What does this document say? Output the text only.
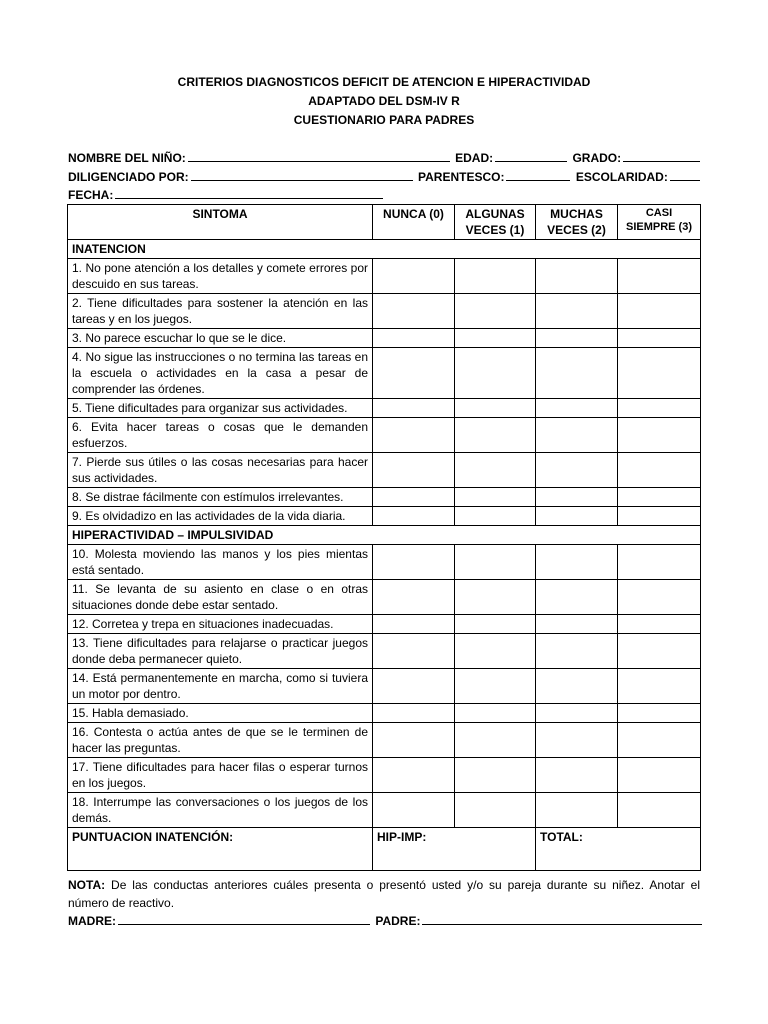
CRITERIOS DIAGNOSTICOS DEFICIT DE ATENCION E HIPERACTIVIDAD
ADAPTADO DEL DSM-IV R
CUESTIONARIO PARA PADRES
NOMBRE DEL NIÑO:	EDAD:	GRADO:
DILIGENCIADO POR:	PARENTESCO:	ESCOLARIDAD:
FECHA:
SINTOMA	NUNCA (0)	ALGUNAS VECES (1)	MUCHAS VECES (2)	CASI SIEMPRE (3)
INATENCION				
1. No pone atención a los detalles y comete errores por descuido en sus tareas.				
2. Tiene dificultades para sostener la atención en las tareas y en los juegos.				
3. No parece escuchar lo que se le dice.				
4. No sigue las instrucciones o no termina las tareas en la escuela o actividades en la casa a pesar de comprender las órdenes.				
5. Tiene dificultades para organizar sus actividades.				
6. Evita hacer tareas o cosas que le demanden esfuerzos.				
7. Pierde sus útiles o las cosas necesarias para hacer sus actividades.				
8. Se distrae fácilmente con estímulos irrelevantes.				
9. Es olvidadizo en las actividades de la vida diaria.				
HIPERACTIVIDAD – IMPULSIVIDAD				
10. Molesta moviendo las manos y los pies mientas está sentado.				
11. Se levanta de su asiento en clase o en otras situaciones donde debe estar sentado.				
12. Corretea y trepa en situaciones inadecuadas.				
13. Tiene dificultades para relajarse o practicar juegos donde deba permanecer quieto.				
14. Está permanentemente en marcha, como si tuviera un motor por dentro.				
15. Habla demasiado.				
16. Contesta o actúa antes de que se le terminen de hacer las preguntas.				
17. Tiene dificultades para hacer filas o esperar turnos en los juegos.				
18. Interrumpe las conversaciones o los juegos de los demás.				
PUNTUACION INATENCIÓN:	HIP-IMP:		TOTAL:	
NOTA: De las conductas anteriores cuáles presenta o presentó usted y/o su pareja durante su niñez. Anotar el número de reactivo.
MADRE:	PADRE:
